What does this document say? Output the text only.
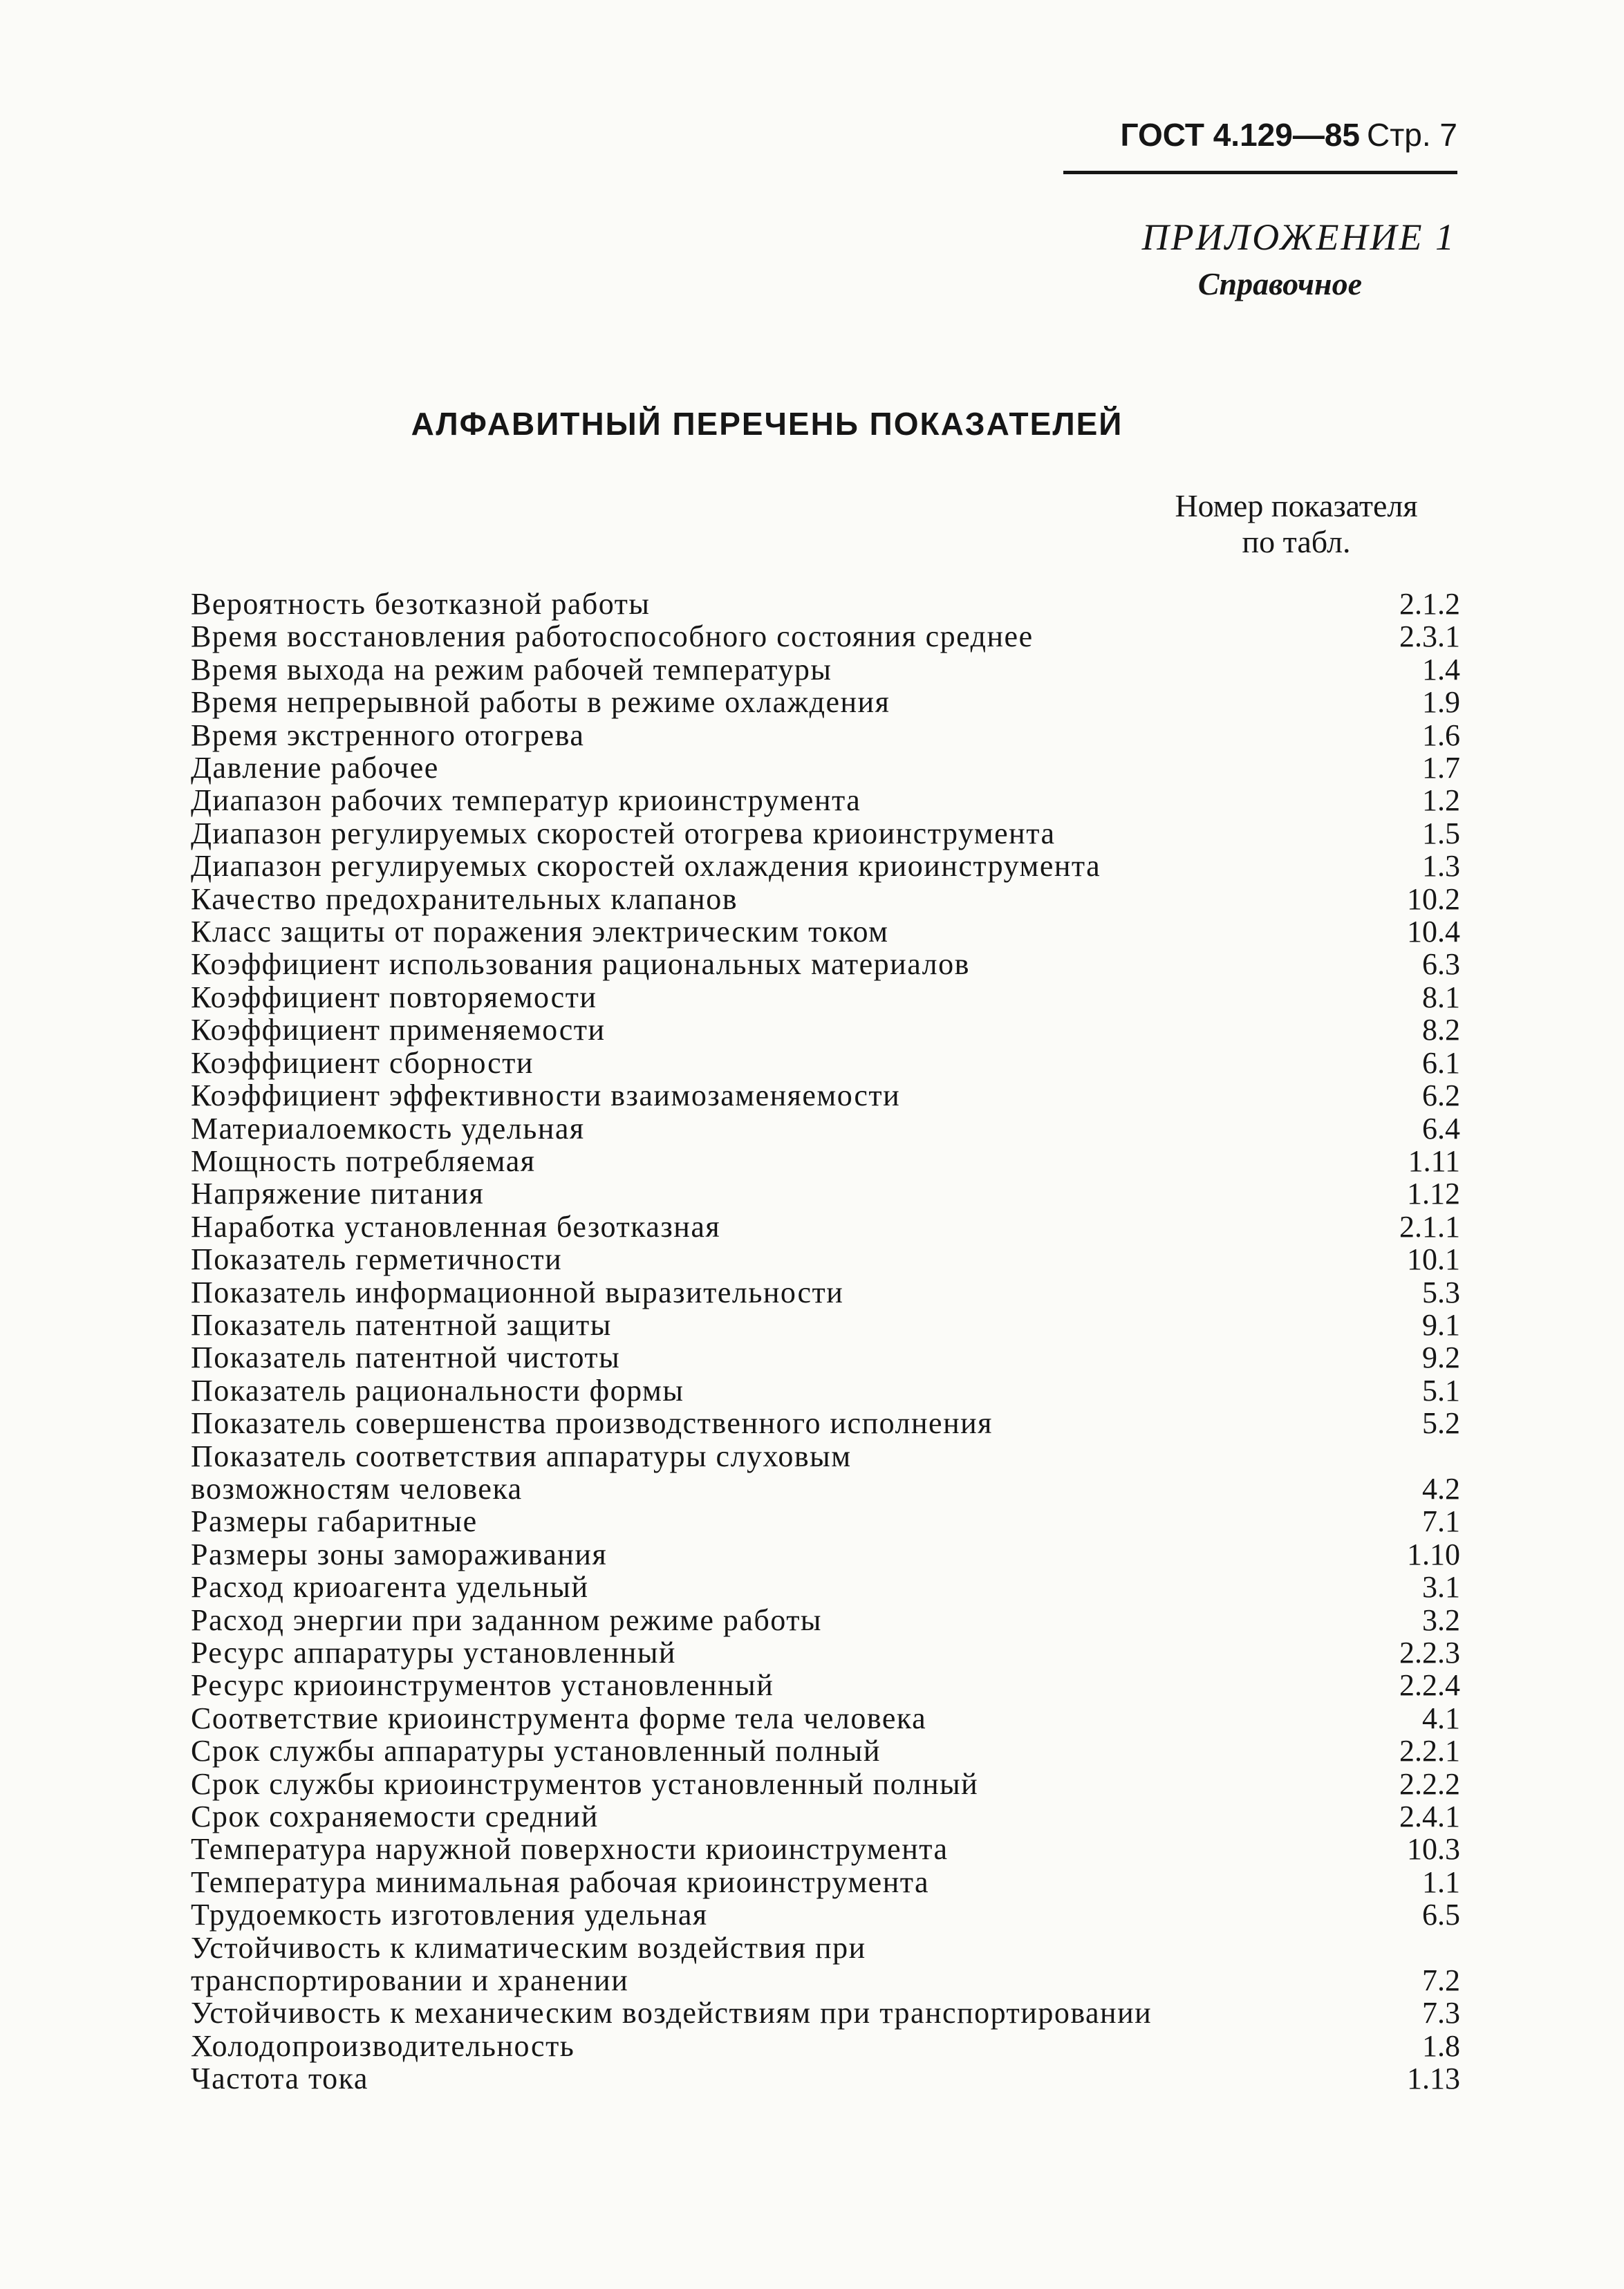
ГОСТ 4.129—85 Стр. 7
ПРИЛОЖЕНИЕ 1
Справочное
АЛФАВИТНЫЙ ПЕРЕЧЕНЬ ПОКАЗАТЕЛЕЙ
Номер показателя
по табл.
Вероятность безотказной работы	2.1.2
Время восстановления работоспособного состояния среднее	2.3.1
Время выхода на режим рабочей температуры	1.4
Время непрерывной работы в режиме охлаждения	1.9
Время экстренного отогрева	1.6
Давление рабочее	1.7
Диапазон рабочих температур криоинструмента	1.2
Диапазон регулируемых скоростей отогрева криоинструмента	1.5
Диапазон регулируемых скоростей охлаждения криоинструмента	1.3
Качество предохранительных клапанов	10.2
Класс защиты от поражения электрическим током	10.4
Коэффициент использования рациональных материалов	6.3
Коэффициент повторяемости	8.1
Коэффициент применяемости	8.2
Коэффициент сборности	6.1
Коэффициент эффективности взаимозаменяемости	6.2
Материалоемкость удельная	6.4
Мощность потребляемая	1.11
Напряжение питания	1.12
Наработка установленная безотказная	2.1.1
Показатель герметичности	10.1
Показатель информационной выразительности	5.3
Показатель патентной защиты	9.1
Показатель патентной чистоты	9.2
Показатель рациональности формы	5.1
Показатель совершенства производственного исполнения	5.2
Показатель соответствия аппаратуры слуховым
возможностям человека	4.2
Размеры габаритные	7.1
Размеры зоны замораживания	1.10
Расход криоагента удельный	3.1
Расход энергии при заданном режиме работы	3.2
Ресурс аппаратуры установленный	2.2.3
Ресурс криоинструментов установленный	2.2.4
Соответствие криоинструмента форме тела человека	4.1
Срок службы аппаратуры установленный полный	2.2.1
Срок службы криоинструментов установленный полный	2.2.2
Срок сохраняемости средний	2.4.1
Температура наружной поверхности криоинструмента	10.3
Температура минимальная рабочая криоинструмента	1.1
Трудоемкость изготовления удельная	6.5
Устойчивость к климатическим воздействия при
транспортировании и хранении	7.2
Устойчивость к механическим воздействиям при транспортировании	7.3
Холодопроизводительность	1.8
Частота тока	1.13
